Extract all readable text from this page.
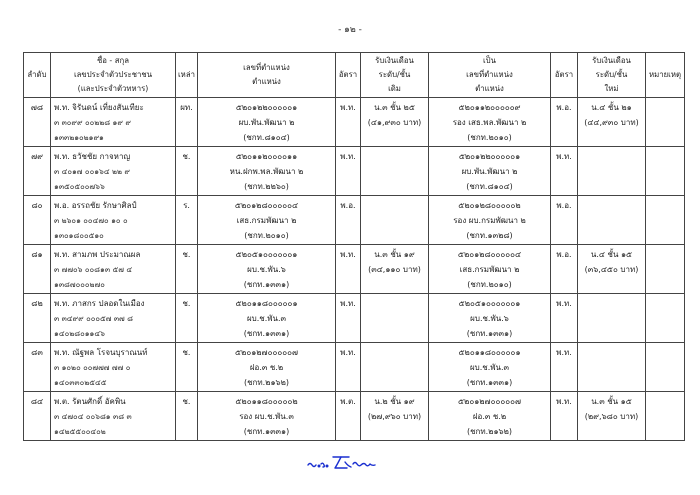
- ๑๒ -
ลำดับ	ชื่อ - สกุล
เลขประจำตัวประชาชน
(และประจำตัวทหาร)	เหล่า	เลขที่ตำแหน่ง
ตำแหน่ง	อัตรา	รับเงินเดือน
ระดับ/ชั้น
เดิม	เป็น
เลขที่ตำแหน่ง
ตำแหน่ง	อัตรา	รับเงินเดือน
ระดับ/ชั้น
ใหม่	หมายเหตุ
๗๘	พ.ท. จิรันดน์ เที่ยงสันเทียะ
๓ ๓๐๙๙ ๐๐๒๒๘ ๑๙ ๙
๑๓๓๒๑๐๒๑๙๑	ผท.	๕๒๐๑๒๒๐๐๐๐๐๑
ผบ.พัน.พัฒนา ๒
(ชกท.๘๑๐๔)	พ.ท.	น.๓ ชั้น ๒๕
(๔๑,๙๓๐ บาท)	๕๒๐๑๑๒๐๐๐๐๐๙
รอง เสธ.พล.พัฒนา ๒
(ชกท.๒๐๑๐)	พ.อ.	น.๔ ชั้น ๒๑
(๔๔,๙๓๐ บาท)	

๗๙	พ.ท. ธวัชชัย กาจหาญ
๓ ๔๐๑๗ ๐๐๑๖๔ ๒๒ ๙
๑๓๕๐๕๐๐๗๖๖	ช.	๕๒๐๑๑๒๐๐๐๐๑๑
หน.ฝกพ.พล.พัฒนา ๒
(ชกท.๒๒๖๐)	พ.ท.		๕๒๐๑๒๒๐๐๐๐๐๑
ผบ.พัน.พัฒนา ๒
(ชกท.๘๑๐๔)	พ.ท.	

๘๐	พ.อ. อรรถชัย รักษาศิลป์
๓ ๒๖๐๑ ๐๐๔๗๐ ๑๐ ๐
๑๓๐๑๘๐๐๕๑๐	ร.	๕๒๐๑๒๘๐๐๐๐๐๔
เสธ.กรมพัฒนา ๒
(ชกท.๒๐๑๐)	พ.อ.		๕๒๐๑๒๘๐๐๐๐๐๒
รอง ผบ.กรมพัฒนา ๒
(ชกท.๑๓๒๘)	พ.อ.	

๘๑	พ.ท. สามภพ ประมาณผล
๓ ๗๗๐๖ ๐๐๘๑๓ ๕๗ ๔
๑๓๘๗๐๐๐๒๗๐	ช.	๕๒๐๕๑๐๐๐๐๐๐๑
ผบ.ช.พัน.๖
(ชกท.๑๓๓๑)	พ.ท.	น.๓ ชั้น ๑๙
(๓๔,๑๑๐ บาท)	๕๒๐๑๒๘๐๐๐๐๐๔
เสธ.กรมพัฒนา ๒
(ชกท.๒๐๑๐)	พ.อ.	น.๔ ชั้น ๑๕
(๓๖,๔๕๐ บาท)	

๘๒	พ.ท. ภาสกร ปลอดในเมือง
๓ ๓๔๙๙ ๐๐๐๕๗ ๓๗ ๘
๑๔๐๒๘๐๑๑๔๖	ช.	๕๒๐๑๑๘๐๐๐๐๐๑
ผบ.ช.พัน.๓
(ชกท.๑๓๓๑)	พ.ท.		๕๒๐๕๑๐๐๐๐๐๐๑
ผบ.ช.พัน.๖
(ชกท.๑๓๓๑)	พ.ท.	

๘๓	พ.ท. ณัฐพล โรจนบุราณนท์
๓ ๑๐๒๐ ๐๐๗๗๗ ๗๗ ๐
๑๔๐๓๓๐๒๕๔๕	ช.	๕๒๐๑๒๗๐๐๐๐๐๗
ฝอ.๓ ช.๒
(ชกท.๒๑๖๒)	พ.ท.		๕๒๐๑๑๘๐๐๐๐๐๑
ผบ.ช.พัน.๓
(ชกท.๑๓๓๑)	พ.ท.	

๘๔	พ.ต. รัตนศักดิ์ อัคพิน
๓ ๔๗๐๔ ๐๐๖๘๑ ๓๘ ๓
๑๔๒๕๕๐๐๔๐๒	ช.	๕๒๐๑๑๘๐๐๐๐๐๒
รอง ผบ.ช.พัน.๓
(ชกท.๑๓๓๑)	พ.ต.	น.๒ ชั้น ๑๙
(๒๗,๙๖๐ บาท)	๕๒๐๑๒๗๐๐๐๐๐๗
ฝอ.๓ ช.๒
(ชกท.๒๑๖๒)	พ.ท.	น.๓ ชั้น ๑๕
(๒๙,๖๘๐ บาท)	
